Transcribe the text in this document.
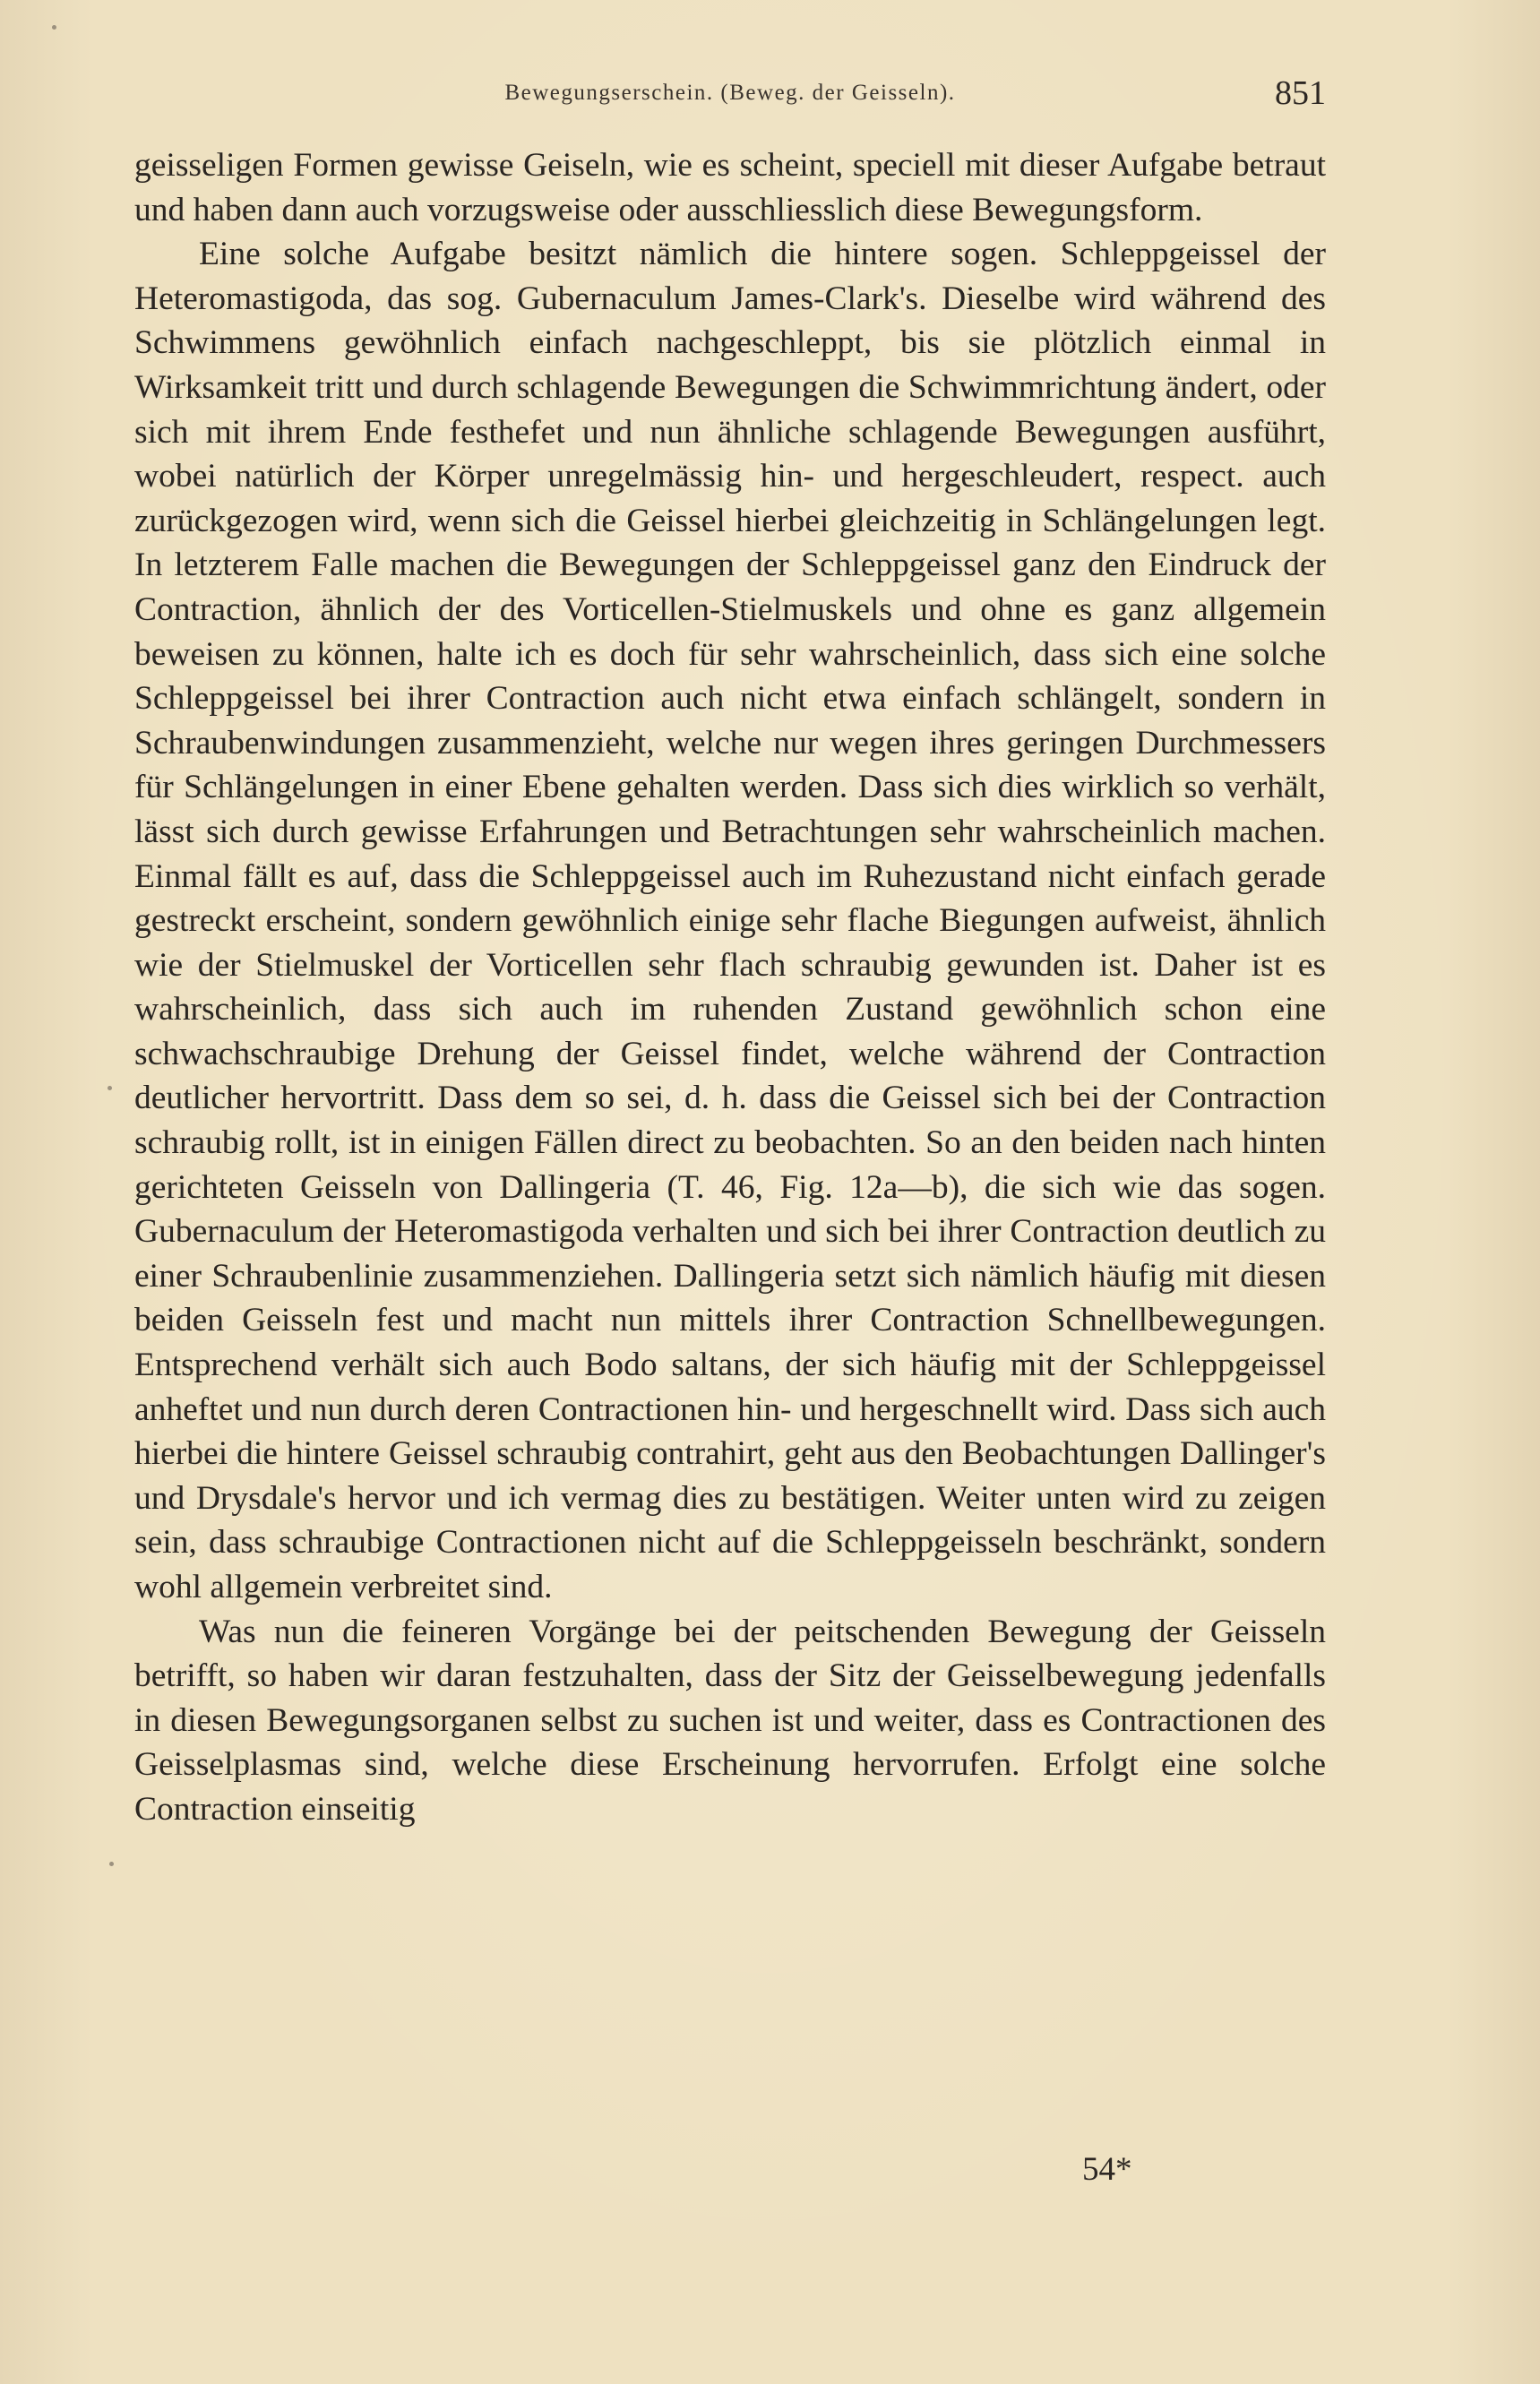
Bewegungserschein. (Beweg. der Geisseln).	851

geisseligen Formen gewisse Geiseln, wie es scheint, speciell mit dieser Aufgabe betraut und haben dann auch vorzugsweise oder ausschliesslich diese Bewegungsform.

Eine solche Aufgabe besitzt nämlich die hintere sogen. Schleppgeissel der Heteromastigoda, das sog. Gubernaculum James-Clark's. Dieselbe wird während des Schwimmens gewöhnlich einfach nachgeschleppt, bis sie plötzlich einmal in Wirksamkeit tritt und durch schlagende Bewegungen die Schwimmrichtung ändert, oder sich mit ihrem Ende festhefet und nun ähnliche schlagende Bewegungen ausführt, wobei natürlich der Körper unregelmässig hin- und hergeschleudert, respect. auch zurückgezogen wird, wenn sich die Geissel hierbei gleichzeitig in Schlängelungen legt. In letzterem Falle machen die Bewegungen der Schleppgeissel ganz den Eindruck der Contraction, ähnlich der des Vorticellen-Stielmuskels und ohne es ganz allgemein beweisen zu können, halte ich es doch für sehr wahrscheinlich, dass sich eine solche Schleppgeissel bei ihrer Contraction auch nicht etwa einfach schlängelt, sondern in Schraubenwindungen zusammenzieht, welche nur wegen ihres geringen Durchmessers für Schlängelungen in einer Ebene gehalten werden. Dass sich dies wirklich so verhält, lässt sich durch gewisse Erfahrungen und Betrachtungen sehr wahrscheinlich machen. Einmal fällt es auf, dass die Schleppgeissel auch im Ruhezustand nicht einfach gerade gestreckt erscheint, sondern gewöhnlich einige sehr flache Biegungen aufweist, ähnlich wie der Stielmuskel der Vorticellen sehr flach schraubig gewunden ist. Daher ist es wahrscheinlich, dass sich auch im ruhenden Zustand gewöhnlich schon eine schwachschraubige Drehung der Geissel findet, welche während der Contraction deutlicher hervortritt. Dass dem so sei, d. h. dass die Geissel sich bei der Contraction schraubig rollt, ist in einigen Fällen direct zu beobachten. So an den beiden nach hinten gerichteten Geisseln von Dallingeria (T. 46, Fig. 12a—b), die sich wie das sogen. Gubernaculum der Heteromastigoda verhalten und sich bei ihrer Contraction deutlich zu einer Schraubenlinie zusammenziehen. Dallingeria setzt sich nämlich häufig mit diesen beiden Geisseln fest und macht nun mittels ihrer Contraction Schnellbewegungen. Entsprechend verhält sich auch Bodo saltans, der sich häufig mit der Schleppgeissel anheftet und nun durch deren Contractionen hin- und hergeschnellt wird. Dass sich auch hierbei die hintere Geissel schraubig contrahirt, geht aus den Beobachtungen Dallinger's und Drysdale's hervor und ich vermag dies zu bestätigen. Weiter unten wird zu zeigen sein, dass schraubige Contractionen nicht auf die Schleppgeisseln beschränkt, sondern wohl allgemein verbreitet sind.

Was nun die feineren Vorgänge bei der peitschenden Bewegung der Geisseln betrifft, so haben wir daran festzuhalten, dass der Sitz der Geisselbewegung jedenfalls in diesen Bewegungsorganen selbst zu suchen ist und weiter, dass es Contractionen des Geisselplasmas sind, welche diese Erscheinung hervorrufen. Erfolgt eine solche Contraction einseitig

54*
